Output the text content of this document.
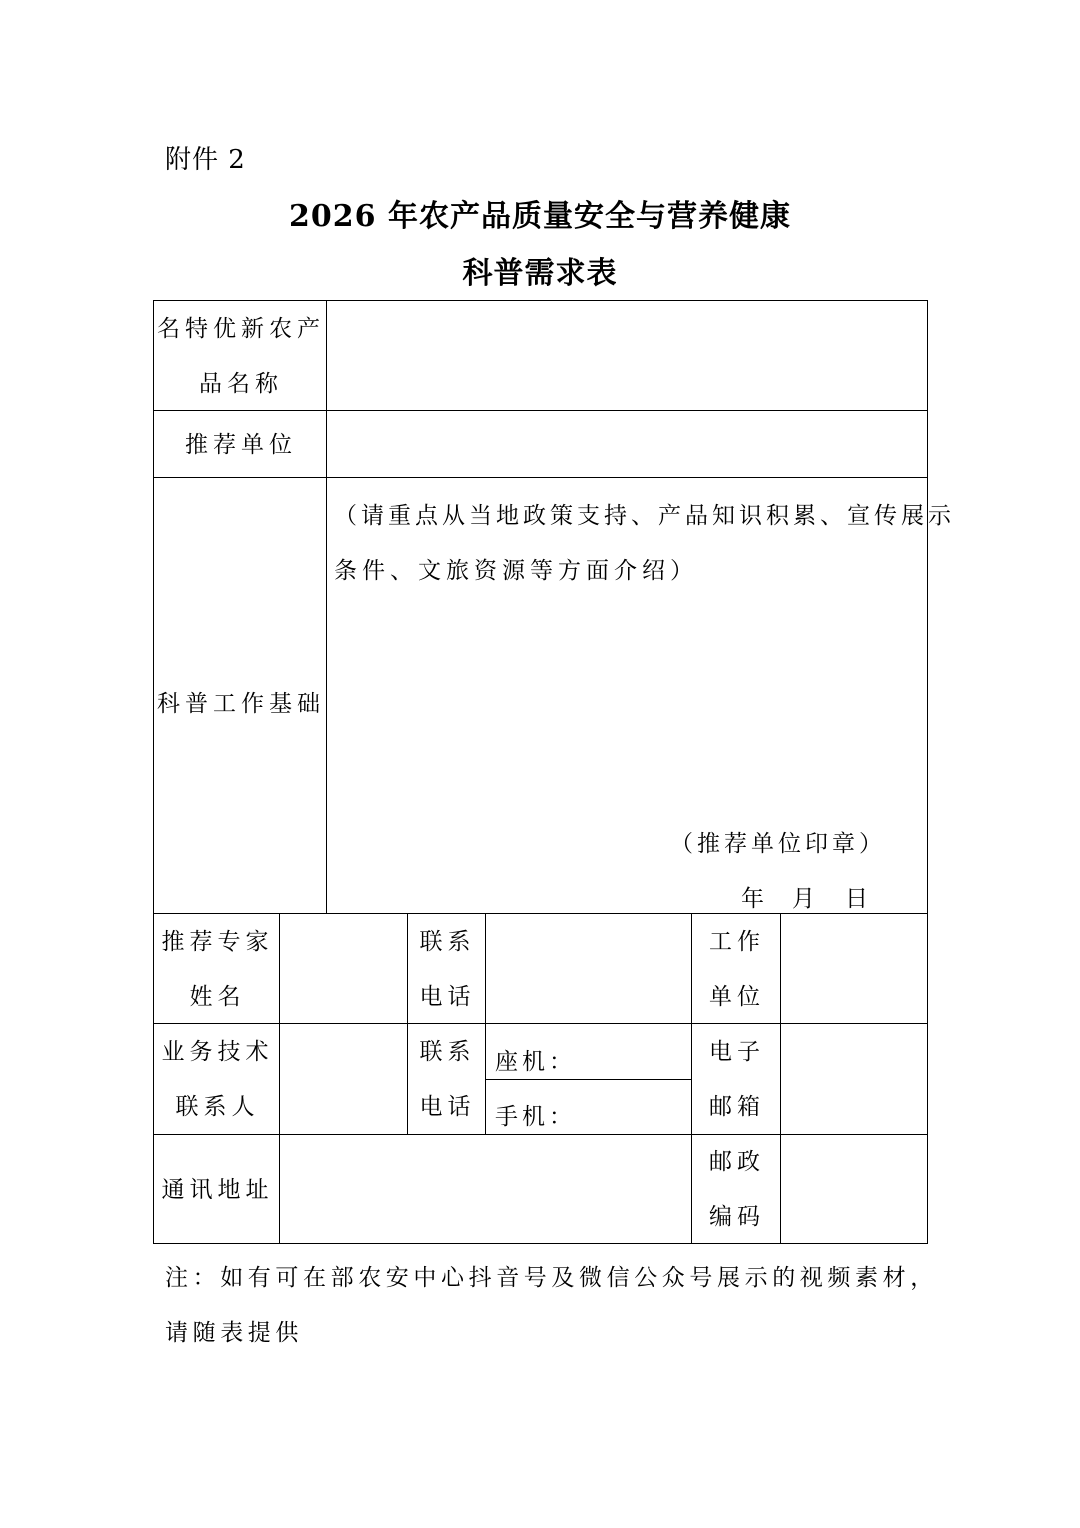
附件 2
2026 年农产品质量安全与营养健康
科普需求表
名特优新农产
品名称
推荐单位
科普工作基础
（请重点从当地政策支持、产品知识积累、宣传展示
条件、文旅资源等方面介绍）
（推荐单位印章）
年 月 日
推荐专家
姓名
联系
电话
工作
单位
业务技术
联系人
联系
电话
座机：
手机：
电子
邮箱
通讯地址
邮政
编码
注：如有可在部农安中心抖音号及微信公众号展示的视频素材，
请随表提供
